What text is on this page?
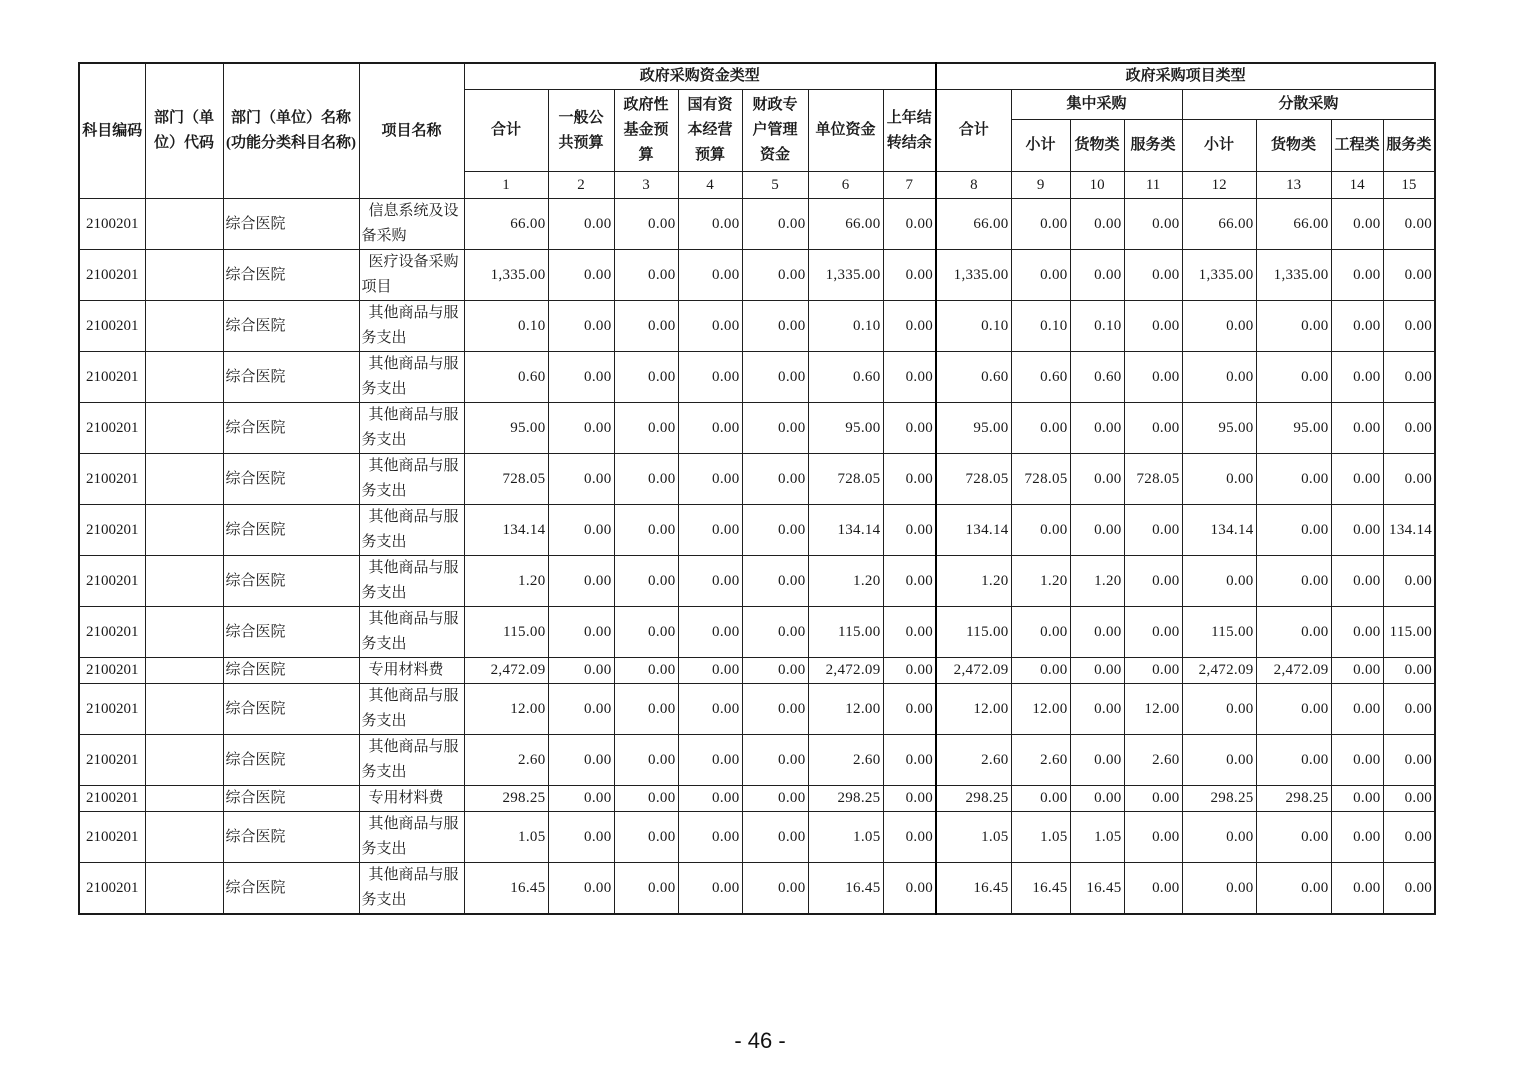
科目编码	部门（单位）代码	部门（单位）名称(功能分类科目名称)	项目名称	政府采购资金类型							政府采购项目类型							
				合计	一般公共预算	政府性基金预算	国有资本经营预算	财政专户管理资金	单位资金	上年结转结余	合计	集中采购			分散采购			
												小计	货物类	服务类	小计	货物类	工程类	服务类
				1	2	3	4	5	6	7	8	9	10	11	12	13	14	15
2100201		综合医院	信息系统及设备采购	66.00	0.00	0.00	0.00	0.00	66.00	0.00	66.00	0.00	0.00	0.00	66.00	66.00	0.00	0.00
2100201		综合医院	医疗设备采购项目	1,335.00	0.00	0.00	0.00	0.00	1,335.00	0.00	1,335.00	0.00	0.00	0.00	1,335.00	1,335.00	0.00	0.00
2100201		综合医院	其他商品与服务支出	0.10	0.00	0.00	0.00	0.00	0.10	0.00	0.10	0.10	0.10	0.00	0.00	0.00	0.00	0.00
2100201		综合医院	其他商品与服务支出	0.60	0.00	0.00	0.00	0.00	0.60	0.00	0.60	0.60	0.60	0.00	0.00	0.00	0.00	0.00
2100201		综合医院	其他商品与服务支出	95.00	0.00	0.00	0.00	0.00	95.00	0.00	95.00	0.00	0.00	0.00	95.00	95.00	0.00	0.00
2100201		综合医院	其他商品与服务支出	728.05	0.00	0.00	0.00	0.00	728.05	0.00	728.05	728.05	0.00	728.05	0.00	0.00	0.00	0.00
2100201		综合医院	其他商品与服务支出	134.14	0.00	0.00	0.00	0.00	134.14	0.00	134.14	0.00	0.00	0.00	134.14	0.00	0.00	134.14
2100201		综合医院	其他商品与服务支出	1.20	0.00	0.00	0.00	0.00	1.20	0.00	1.20	1.20	1.20	0.00	0.00	0.00	0.00	0.00
2100201		综合医院	其他商品与服务支出	115.00	0.00	0.00	0.00	0.00	115.00	0.00	115.00	0.00	0.00	0.00	115.00	0.00	0.00	115.00
2100201		综合医院	专用材料费	2,472.09	0.00	0.00	0.00	0.00	2,472.09	0.00	2,472.09	0.00	0.00	0.00	2,472.09	2,472.09	0.00	0.00
2100201		综合医院	其他商品与服务支出	12.00	0.00	0.00	0.00	0.00	12.00	0.00	12.00	12.00	0.00	12.00	0.00	0.00	0.00	0.00
2100201		综合医院	其他商品与服务支出	2.60	0.00	0.00	0.00	0.00	2.60	0.00	2.60	2.60	0.00	2.60	0.00	0.00	0.00	0.00
2100201		综合医院	专用材料费	298.25	0.00	0.00	0.00	0.00	298.25	0.00	298.25	0.00	0.00	0.00	298.25	298.25	0.00	0.00
2100201		综合医院	其他商品与服务支出	1.05	0.00	0.00	0.00	0.00	1.05	0.00	1.05	1.05	1.05	0.00	0.00	0.00	0.00	0.00
2100201		综合医院	其他商品与服务支出	16.45	0.00	0.00	0.00	0.00	16.45	0.00	16.45	16.45	16.45	0.00	0.00	0.00	0.00	0.00
- 46 -
